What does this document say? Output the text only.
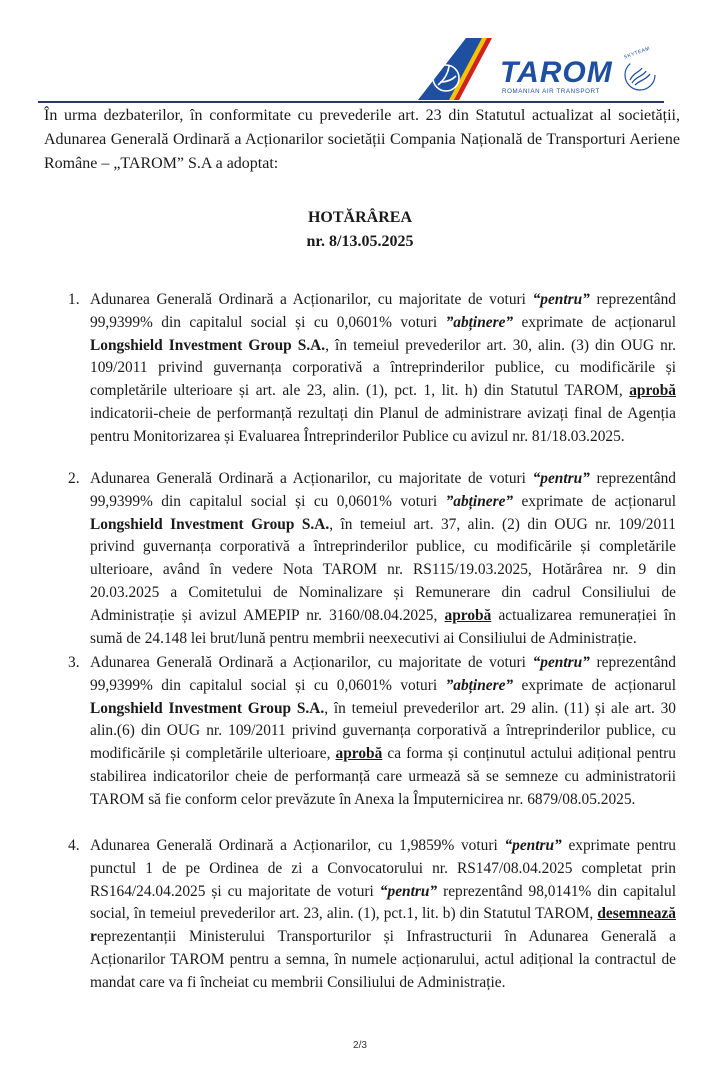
TAROM
ROMANIAN AIR TRANSPORT
SKYTEAM

În urma dezbaterilor, în conformitate cu prevederile art. 23 din Statutul actualizat al societății, Adunarea Generală Ordinară a Acționarilor societății Compania Națională de Transporturi Aeriene Române – „TAROM” S.A a adoptat:

HOTĂRÂREA
nr. 8/13.05.2025
1. Adunarea Generală Ordinară a Acționarilor, cu majoritate de voturi “pentru” reprezentând 99,9399% din capitalul social și cu 0,0601% voturi ”abținere” exprimate de acționarul Longshield Investment Group S.A., în temeiul prevederilor art. 30, alin. (3) din OUG nr. 109/2011 privind guvernanța corporativă a întreprinderilor publice, cu modificările și completările ulterioare și art. ale 23, alin. (1), pct. 1, lit. h) din Statutul TAROM, aprobă indicatorii-cheie de performanță rezultați din Planul de administrare avizați final de Agenția pentru Monitorizarea și Evaluarea Întreprinderilor Publice cu avizul nr. 81/18.03.2025.
2. Adunarea Generală Ordinară a Acționarilor, cu majoritate de voturi “pentru” reprezentând 99,9399% din capitalul social și cu 0,0601% voturi ”abținere” exprimate de acționarul Longshield Investment Group S.A., în temeiul art. 37, alin. (2) din OUG nr. 109/2011 privind guvernanța corporativă a întreprinderilor publice, cu modificările și completările ulterioare, având în vedere Nota TAROM nr. RS115/19.03.2025, Hotărârea nr. 9 din 20.03.2025 a Comitetului de Nominalizare și Remunerare din cadrul Consiliului de Administrație și avizul AMEPIP nr. 3160/08.04.2025, aprobă actualizarea remunerației în sumă de 24.148 lei brut/lună pentru membrii neexecutivi ai Consiliului de Administrație.
3. Adunarea Generală Ordinară a Acționarilor, cu majoritate de voturi “pentru” reprezentând 99,9399% din capitalul social și cu 0,0601% voturi ”abținere” exprimate de acționarul Longshield Investment Group S.A., în temeiul prevederilor art. 29 alin. (11) și ale art. 30 alin.(6) din OUG nr. 109/2011 privind guvernanța corporativă a întreprinderilor publice, cu modificările și completările ulterioare, aprobă ca forma și conținutul actului adițional pentru stabilirea indicatorilor cheie de performanță care urmează să se semneze cu administratorii TAROM să fie conform celor prevăzute în Anexa la Împuternicirea nr. 6879/08.05.2025.
4. Adunarea Generală Ordinară a Acționarilor, cu 1,9859% voturi “pentru” exprimate pentru punctul 1 de pe Ordinea de zi a Convocatorului nr. RS147/08.04.2025 completat prin RS164/24.04.2025 și cu majoritate de voturi “pentru” reprezentând 98,0141% din capitalul social, în temeiul prevederilor art. 23, alin. (1), pct.1, lit. b) din Statutul TAROM, desemnează reprezentanții Ministerului Transporturilor și Infrastructurii în Adunarea Generală a Acționarilor TAROM pentru a semna, în numele acționarului, actul adițional la contractul de mandat care va fi încheiat cu membrii Consiliului de Administrație.
2/3
